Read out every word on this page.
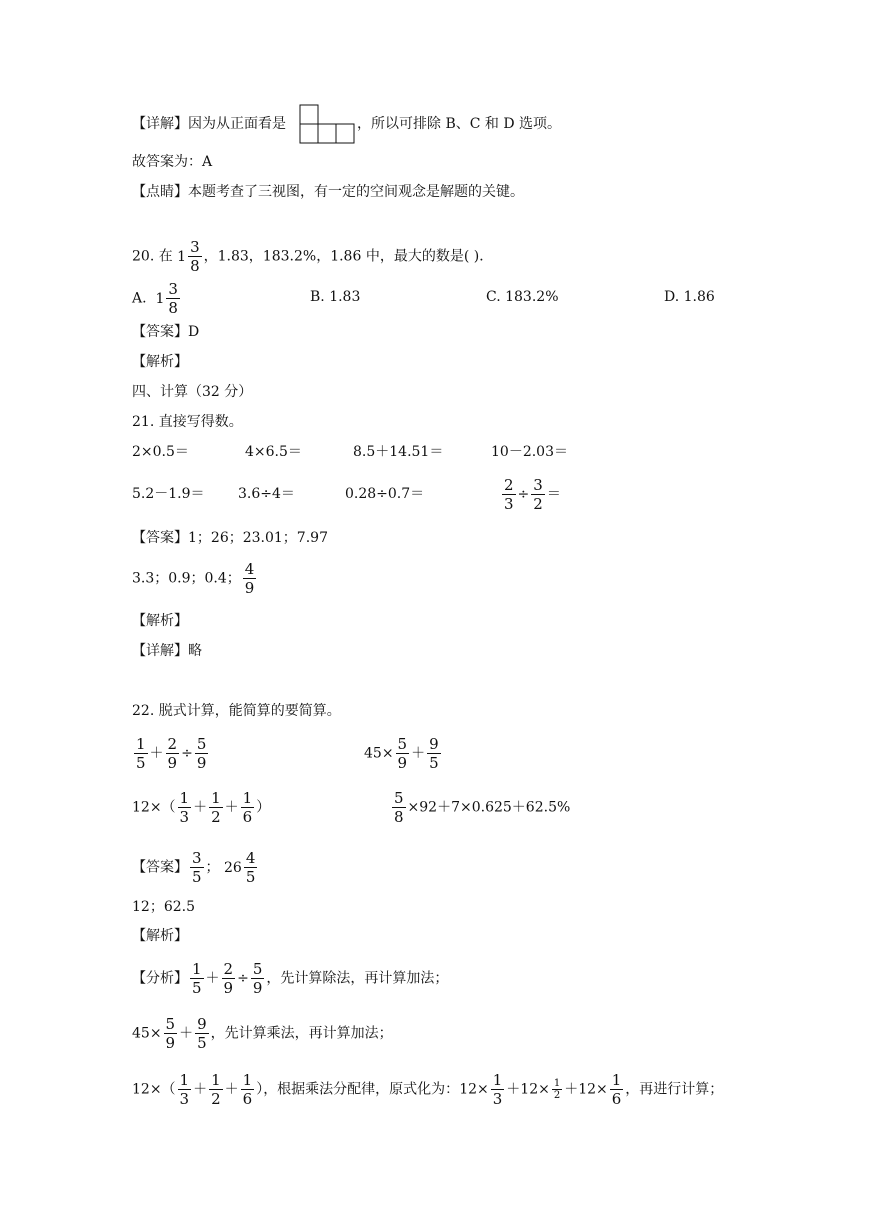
【详解】因为从正面看是	，所以可排除 B、C 和 D 选项。
故答案为：A
【点睛】本题考查了三视图，有一定的空间观念是解题的关键。
20. 在 $1 \frac{3}{8}$ ，1.83，183.2%，1.86 中，最大的数是( )．
A. $1 \frac{3}{8}$	B. 1.83	C. 183.2%	D. 1.86
【答案】D
【解析】
四、计算（32 分）
21. 直接写得数。
2×0.5＝	4×6.5＝	8.5＋14.51＝	10－2.03＝
5.2－1.9＝ 3.6÷4＝	0.28÷0.7＝	$\frac{2}{3} \div \frac{3}{2}$ ＝
【答案】1；26；23.01；7.97
3.3；0.9；0.4； $\frac{4}{9}$
【解析】
【详解】略
22. 脱式计算，能简算的要简算。
$\frac{1}{5} + \frac{2}{9} \div \frac{5}{9}$	$45\times \frac{5}{9} + \frac{9}{5}$
$12\times( \frac{1}{3} + \frac{1}{2} + \frac{1}{6}$ ）	$\frac{5}{8} \times 92+7\times 0.625+62.5\%$
【答案】 $\frac{3}{5}$ ； $26 \frac{4}{5}$
12；62.5
【解析】
【分析】 $\frac{1}{5} + \frac{2}{9} \div \frac{5}{9}$ ，先计算除法，再计算加法；
$45\times \frac{5}{9} + \frac{9}{5}$ ，先计算乘法，再计算加法；
$12\times( \frac{1}{3} + \frac{1}{2} + \frac{1}{6}$ ），根据乘法分配律，原式化为：$12\times \frac{1}{3} +12\times \frac{1}{2} +12\times \frac{1}{6}$ ，再进行计算；
